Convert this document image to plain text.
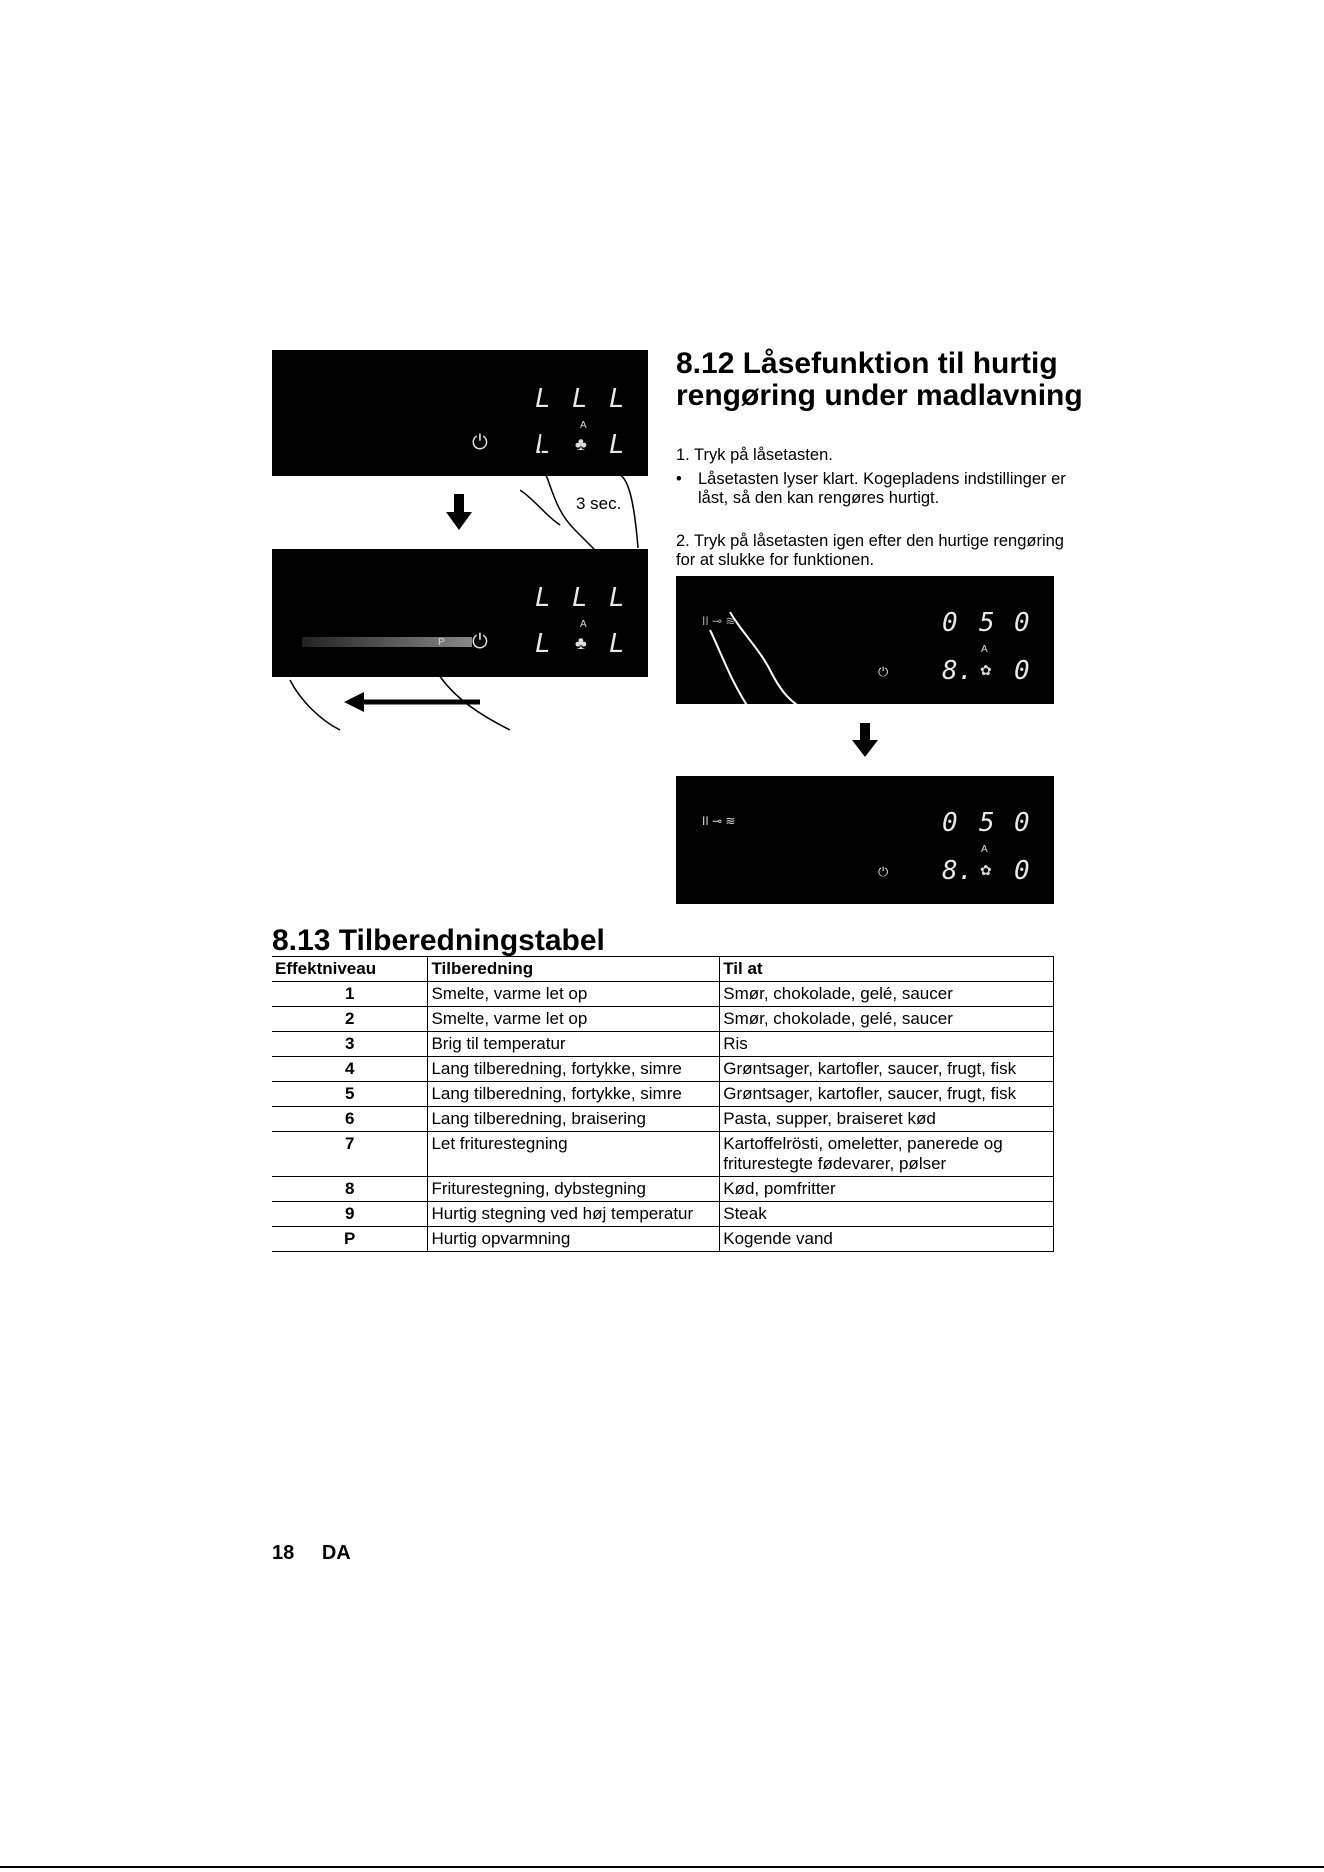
L L L
A
⏻ L ♣ L
3 sec.
L L L
A
P ⏻ L ♣ L
8.12 Låsefunktion til hurtig rengøring under madlavning
1. Tryk på låsetasten.
• Låsetasten lyser klart. Kogepladens indstillinger er låst, så den kan rengøres hurtigt.
2. Tryk på låsetasten igen efter den hurtige rengøring for at slukke for funktionen.
II ⊸ ≋	0 5 0
A
⏻ 8. ✿ 0
II ⊸ ≋	0 5 0
A
⏻ 8. ✿ 0
8.13 Tilberedningstabel
Effektniveau	Tilberedning	Til at
1	Smelte, varme let op	Smør, chokolade, gelé, saucer
2	Smelte, varme let op	Smør, chokolade, gelé, saucer
3	Brig til temperatur	Ris
4	Lang tilberedning, fortykke, simre	Grøntsager, kartofler, saucer, frugt, fisk
5	Lang tilberedning, fortykke, simre	Grøntsager, kartofler, saucer, frugt, fisk
6	Lang tilberedning, braisering	Pasta, supper, braiseret kød
7	Let friturestegning	Kartoffelrösti, omeletter, panerede og friturestegte fødevarer, pølser
8	Friturestegning, dybstegning	Kød, pomfritter
9	Hurtig stegning ved høj temperatur	Steak
P	Hurtig opvarmning	Kogende vand
18 DA
